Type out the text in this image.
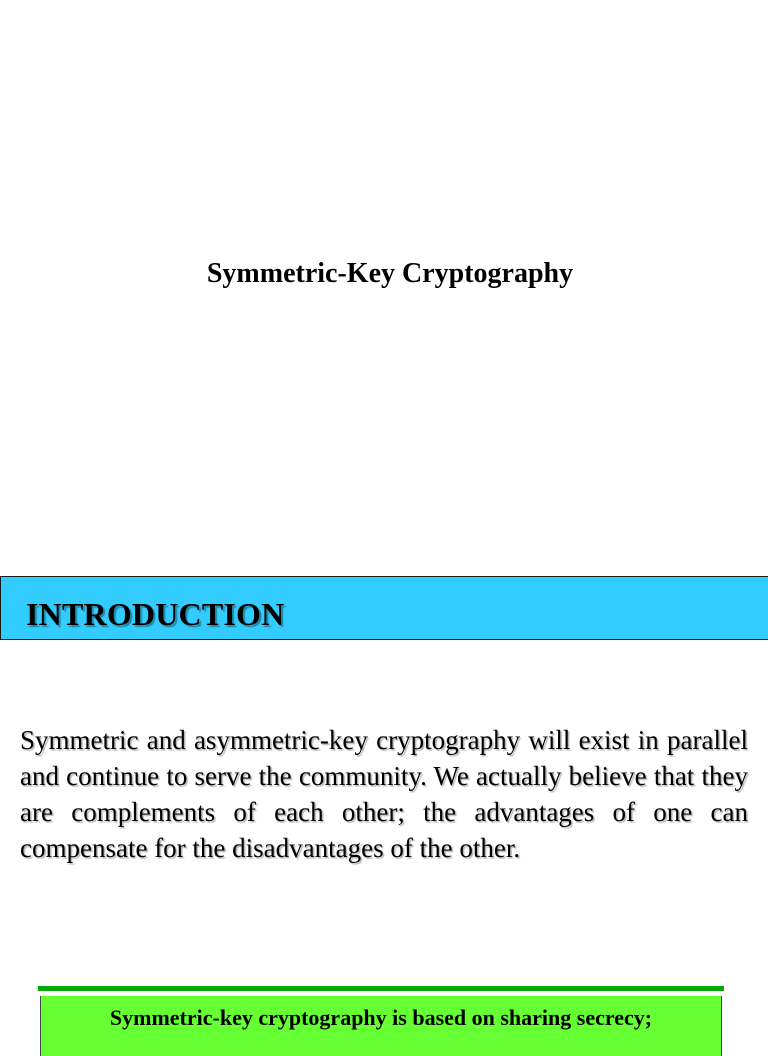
Symmetric-Key Cryptography
INTRODUCTION
Symmetric and asymmetric-key cryptography will exist in parallel and continue to serve the community. We actually believe that they are complements of each other; the advantages of one can compensate for the disadvantages of the other.
Symmetric-key cryptography is based on sharing secrecy;
